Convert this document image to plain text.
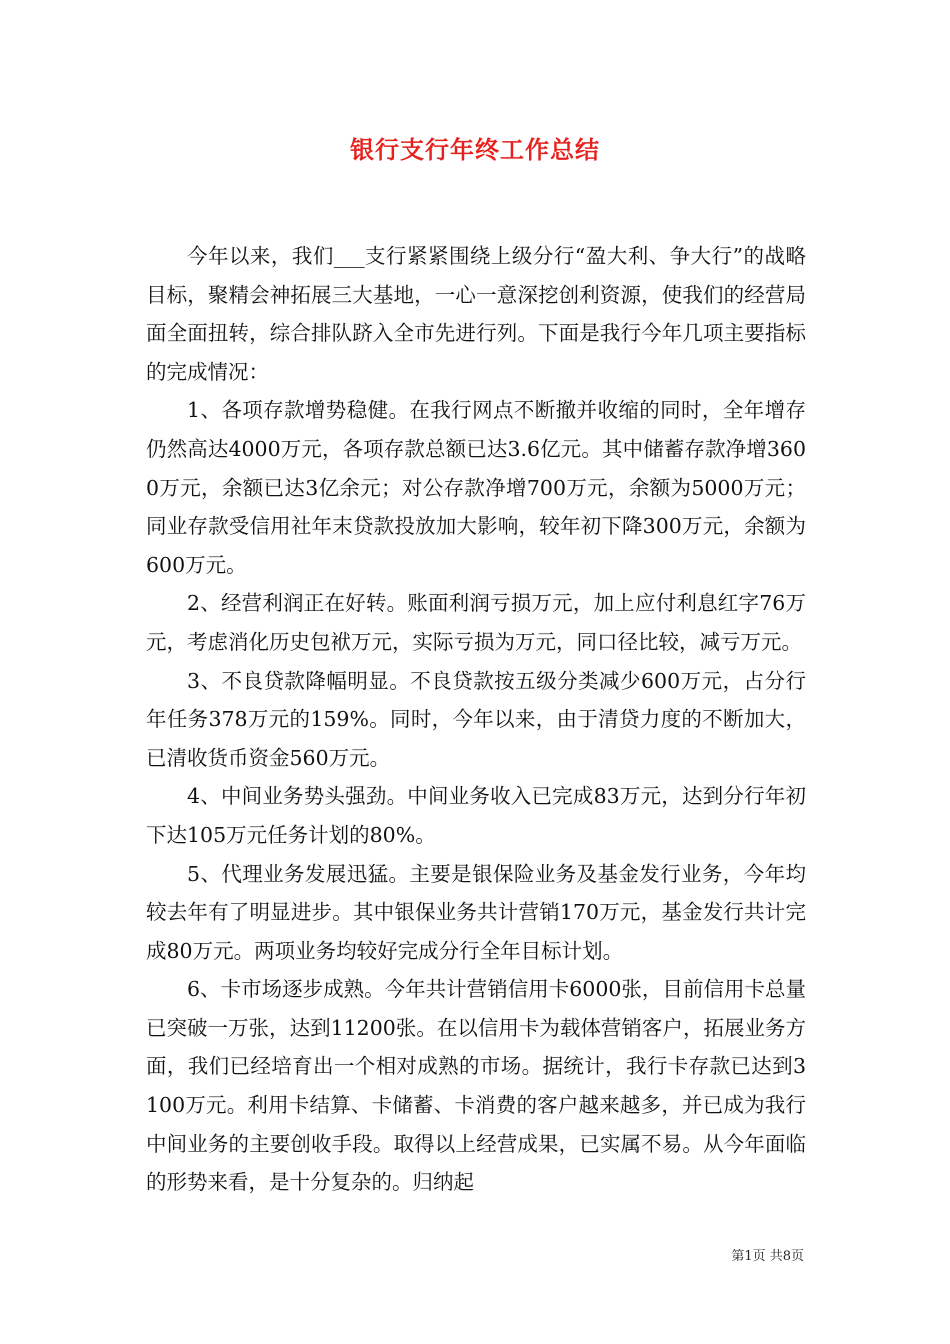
银行支行年终工作总结

今年以来，我们___支行紧紧围绕上级分行“盈大利、争大行”的战略目标，聚精会神拓展三大基地，一心一意深挖创利资源，使我们的经营局面全面扭转，综合排队跻入全市先进行列。下面是我行今年几项主要指标的完成情况：

1、各项存款增势稳健。在我行网点不断撤并收缩的同时，全年增存仍然高达4000万元，各项存款总额已达3.6亿元。其中储蓄存款净增3600万元，余额已达3亿余元；对公存款净增700万元，余额为5000万元；同业存款受信用社年末贷款投放加大影响，较年初下降300万元，余额为600万元。

2、经营利润正在好转。账面利润亏损万元，加上应付利息红字76万元，考虑消化历史包袱万元，实际亏损为万元，同口径比较，减亏万元。

3、不良贷款降幅明显。不良贷款按五级分类减少600万元，占分行年任务378万元的159%。同时，今年以来，由于清贷力度的不断加大，已清收货币资金560万元。

4、中间业务势头强劲。中间业务收入已完成83万元，达到分行年初下达105万元任务计划的80%。

5、代理业务发展迅猛。主要是银保险业务及基金发行业务，今年均较去年有了明显进步。其中银保业务共计营销170万元，基金发行共计完成80万元。两项业务均较好完成分行全年目标计划。

6、卡市场逐步成熟。今年共计营销信用卡6000张，目前信用卡总量已突破一万张，达到11200张。在以信用卡为载体营销客户，拓展业务方面，我们已经培育出一个相对成熟的市场。据统计，我行卡存款已达到3100万元。利用卡结算、卡储蓄、卡消费的客户越来越多，并已成为我行中间业务的主要创收手段。取得以上经营成果，已实属不易。从今年面临的形势来看，是十分复杂的。归纳起

第1页 共8页
